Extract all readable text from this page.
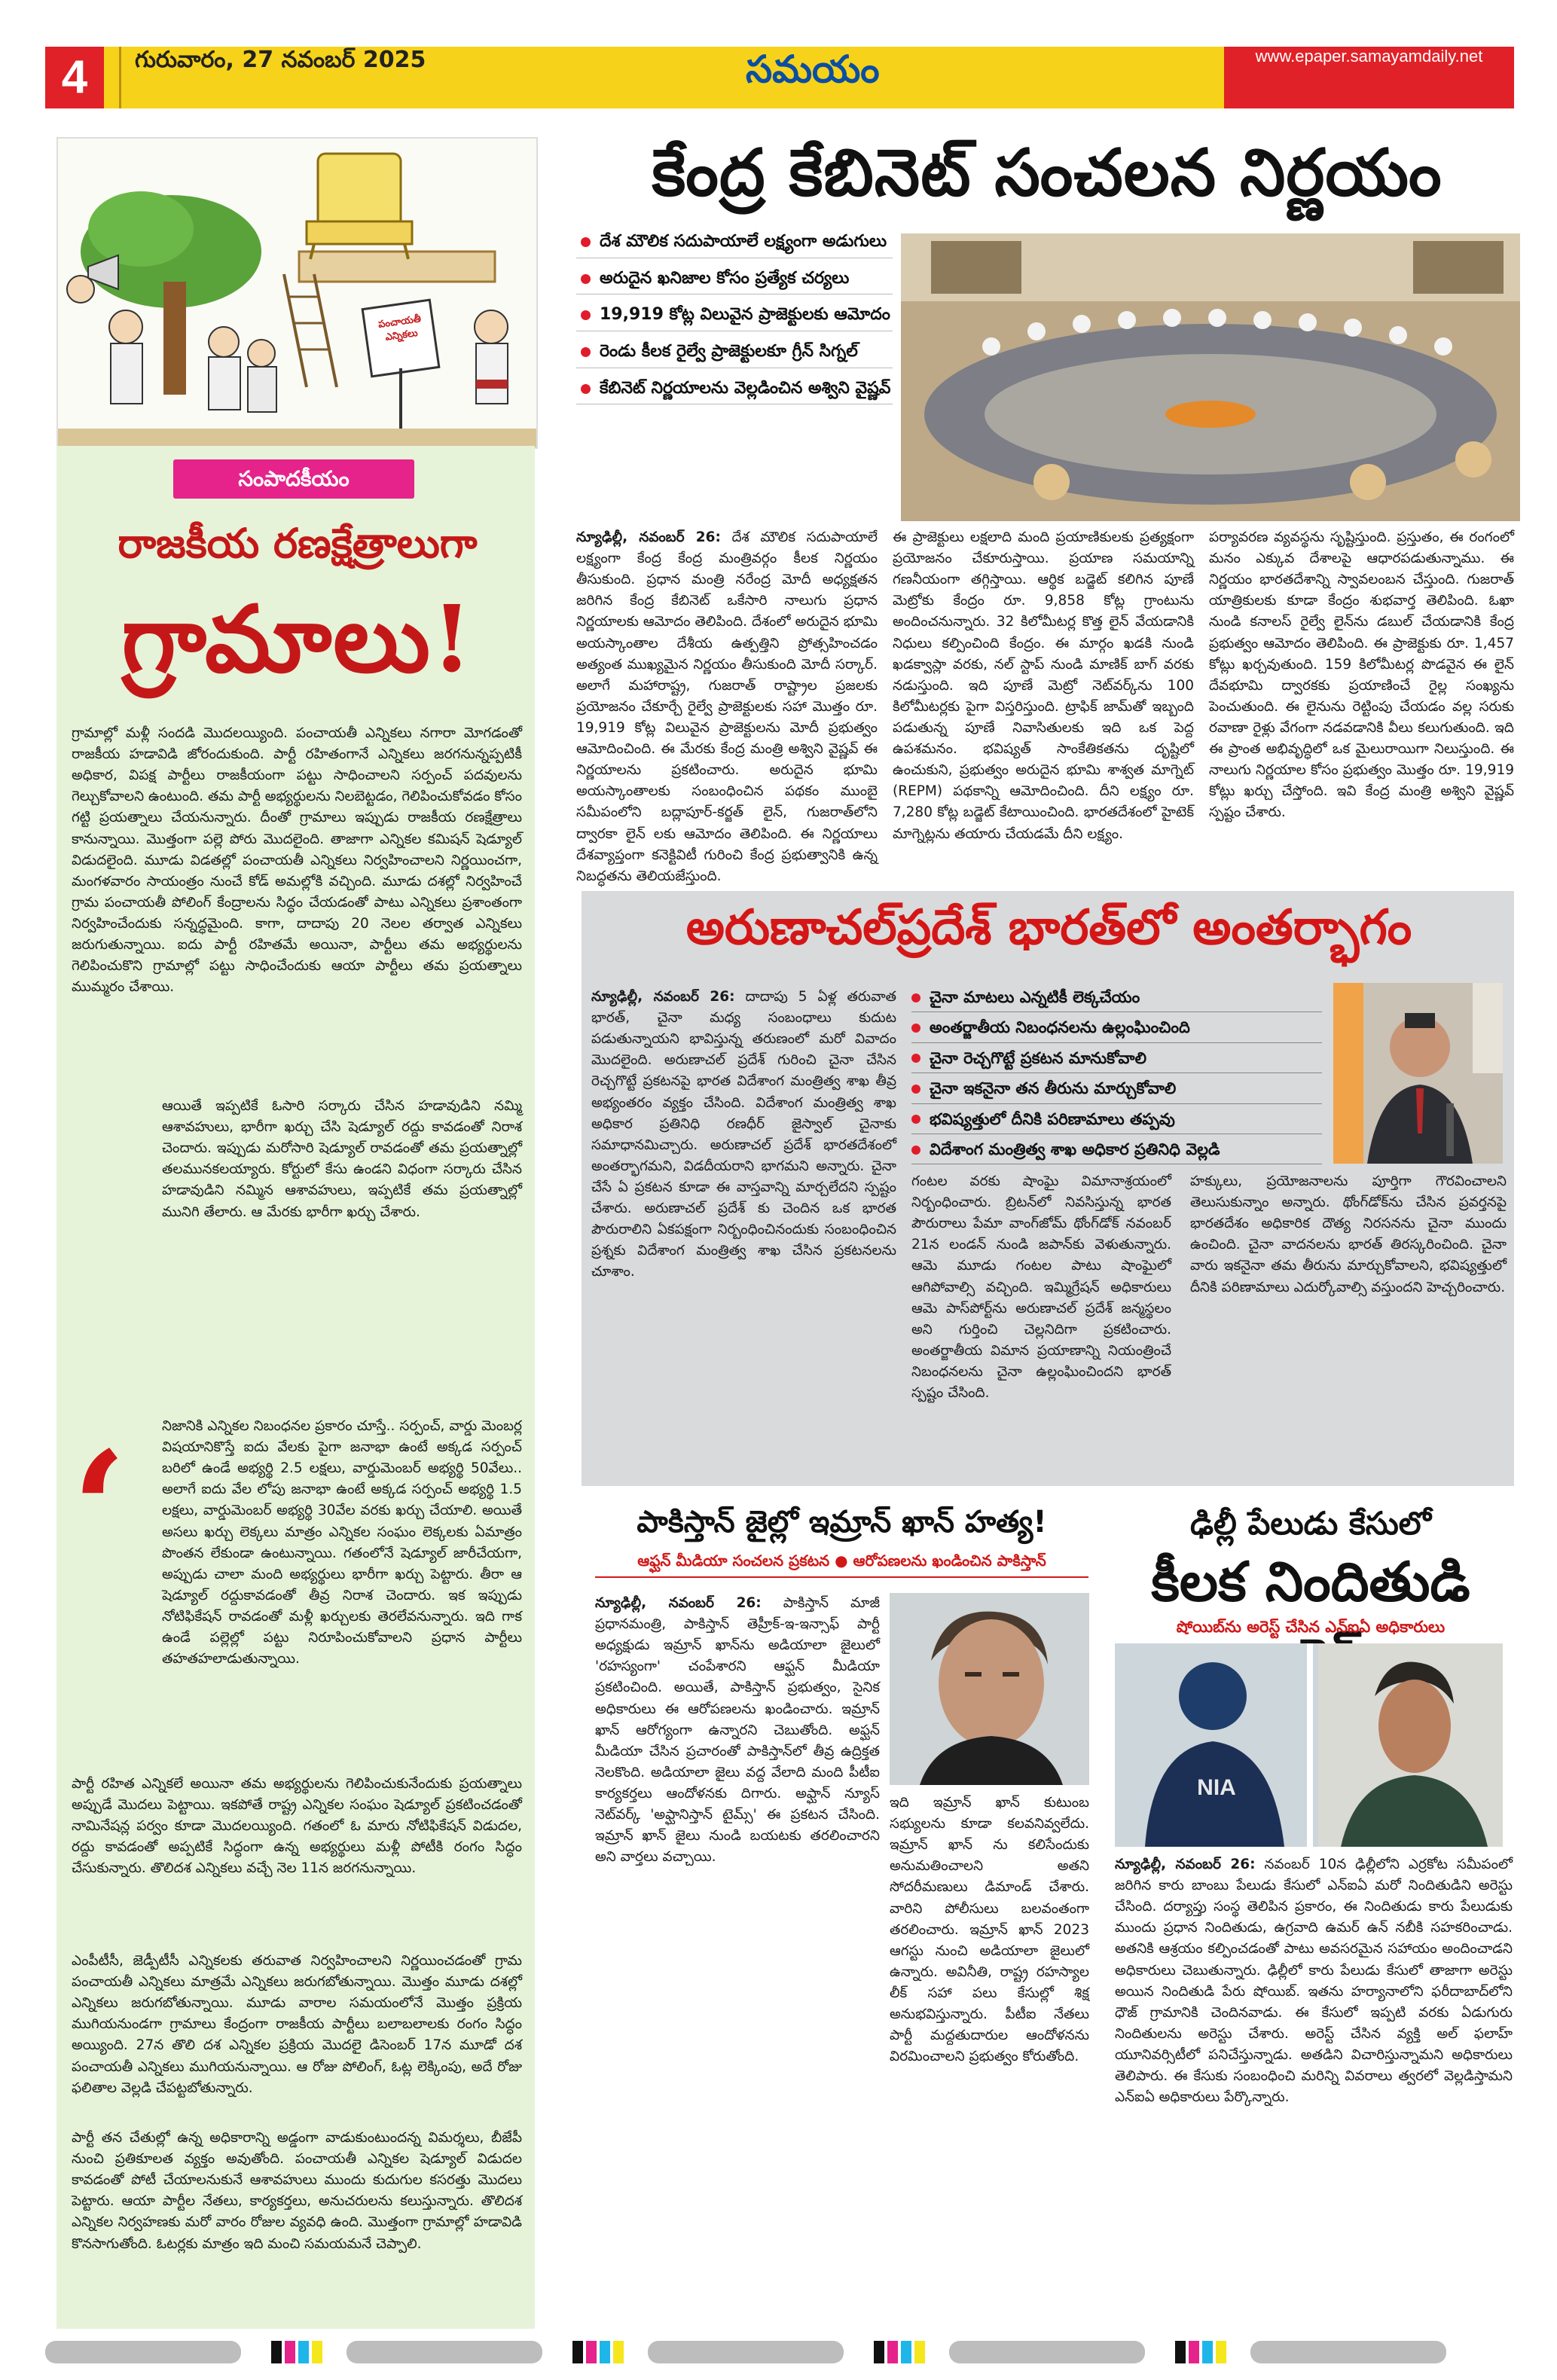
4	గురువారం, 27 నవంబర్ 2025	సమయం	www.epaper.samayamdaily.net
పంచాయతీ ఎన్నికలు
సంపాదకీయం
రాజకీయ రణక్షేత్రాలుగా
గ్రామాలు!
గ్రామాల్లో మళ్లీ సందడి మొదలయ్యింది. పంచాయతీ ఎన్నికలు నగారా మోగడంతో రాజకీయ హడావిడి జోరందుకుంది. పార్టీ రహితంగానే ఎన్నికలు జరగనున్నప్పటికీ అధికార, విపక్ష పార్టీలు రాజకీయంగా పట్టు సాధించాలని సర్పంచ్ పదవులను గెల్చుకోవాలని ఉంటుంది. తమ పార్టీ అభ్యర్థులను నిలబెట్టడం, గెలిపించుకోవడం కోసం గట్టి ప్రయత్నాలు చేయనున్నారు. దీంతో గ్రామాలు ఇప్పుడు రాజకీయ రణక్షేత్రాలు కానున్నాయి. మొత్తంగా పల్లె పోరు మొదలైంది. తాజాగా ఎన్నికల కమిషన్ షెడ్యూల్ విడుదలైంది. మూడు విడతల్లో పంచాయతీ ఎన్నికలు నిర్వహించాలని నిర్ణయించగా, మంగళవారం సాయంత్రం నుంచే కోడ్ అమల్లోకి వచ్చింది. మూడు దశల్లో నిర్వహించే గ్రామ పంచాయతీ పోలింగ్ కేంద్రాలను సిద్ధం చేయడంతో పాటు ఎన్నికలు ప్రశాంతంగా నిర్వహించేందుకు సన్నద్ధమైంది. కాగా, దాదాపు 20 నెలల తర్వాత ఎన్నికలు జరుగుతున్నాయి. ఐదు పార్టీ రహితమే అయినా, పార్టీలు తమ అభ్యర్థులను గెలిపించుకొని గ్రామాల్లో పట్టు సాధించేందుకు ఆయా పార్టీలు తమ ప్రయత్నాలు ముమ్మరం చేశాయి.
ఆయితే ఇప్పటికే ఓసారి సర్కారు చేసిన హడావుడిని నమ్మి ఆశావహులు, భారీగా ఖర్చు చేసి షెడ్యూల్ రద్దు కావడంతో నిరాశ చెందారు. ఇప్పుడు మరోసారి షెడ్యూల్ రావడంతో తమ ప్రయత్నాల్లో తలమునకలయ్యారు. కోర్టులో కేసు ఉండని విధంగా సర్కారు చేసిన హడావుడిని నమ్మిన ఆశావహులు, ఇప్పటికే తమ ప్రయత్నాల్లో మునిగి తేలారు. ఆ మేరకు భారీగా ఖర్చు చేశారు.
నిజానికి ఎన్నికల నిబంధనల ప్రకారం చూస్తే.. సర్పంచ్, వార్డు మెంబర్ల విషయానికొస్తే ఐదు వేలకు పైగా జనాభా ఉంటే అక్కడ సర్పంచ్ బరిలో ఉండే అభ్యర్థి 2.5 లక్షలు, వార్డుమెంబర్ అభ్యర్థి 50వేలు.. అలాగే ఐదు వేల లోపు జనాభా ఉంటే అక్కడ సర్పంచ్ అభ్యర్థి 1.5 లక్షలు, వార్డుమెంబర్ అభ్యర్థి 30వేల వరకు ఖర్చు చేయాలి. అయితే అసలు ఖర్చు లెక్కలు మాత్రం ఎన్నికల సంఘం లెక్కలకు ఏమాత్రం పొంతన లేకుండా ఉంటున్నాయి. గతంలోనే షెడ్యూల్ జారీచేయగా, అప్పుడు చాలా మంది అభ్యర్థులు భారీగా ఖర్చు పెట్టారు. తీరా ఆ షెడ్యూల్ రద్దుకావడంతో తీవ్ర నిరాశ చెందారు. ఇక ఇప్పుడు నోటిఫికేషన్ రావడంతో మళ్లీ ఖర్చులకు తెరలేవనున్నారు. ఇది గాక ఉండే పల్లెల్లో పట్టు నిరూపించుకోవాలని ప్రధాన పార్టీలు తహతహలాడుతున్నాయి.
‘
పార్టీ రహిత ఎన్నికలే అయినా తమ అభ్యర్థులను గెలిపించుకునేందుకు ప్రయత్నాలు అప్పుడే మొదలు పెట్టాయి. ఇకపోతే రాష్ట్ర ఎన్నికల సంఘం షెడ్యూల్ ప్రకటించడంతో నామినేషన్ల పర్వం కూడా మొదలయ్యింది. గతంలో ఓ మారు నోటిఫికేషన్ విడుదల, రద్దు కావడంతో అప్పటికే సిద్ధంగా ఉన్న అభ్యర్థులు మళ్లీ పోటీకి రంగం సిద్ధం చేసుకున్నారు. తొలిదశ ఎన్నికలు వచ్చే నెల 11న జరగనున్నాయి.
ఎంపీటీసీ, జెడ్పీటీసీ ఎన్నికలకు తరువాత నిర్వహించాలని నిర్ణయించడంతో గ్రామ పంచాయతీ ఎన్నికలు మాత్రమే ఎన్నికలు జరుగబోతున్నాయి. మొత్తం మూడు దశల్లో ఎన్నికలు జరుగబోతున్నాయి. మూడు వారాల సమయంలోనే మొత్తం ప్రక్రియ ముగియనుండగా గ్రామాలు కేంద్రంగా రాజకీయ పార్టీలు బలాబలాలకు రంగం సిద్ధం అయ్యింది. 27న తొలి దశ ఎన్నికల ప్రక్రియ మొదలై డిసెంబర్ 17న మూడో దశ పంచాయతీ ఎన్నికలు ముగియనున్నాయి. ఆ రోజు పోలింగ్, ఓట్ల లెక్కింపు, అదే రోజు ఫలితాల వెల్లడి చేపట్టబోతున్నారు.
పార్టీ తన చేతుల్లో ఉన్న అధికారాన్ని అడ్డంగా వాడుకుంటుందన్న విమర్శలు, బీజేపీ నుంచి ప్రతికూలత వ్యక్తం అవుతోంది. పంచాయతీ ఎన్నికల షెడ్యూల్ విడుదల కావడంతో పోటీ చేయాలనుకునే ఆశావహులు ముందు కుదుగుల కసరత్తు మొదలు పెట్టారు. ఆయా పార్టీల నేతలు, కార్యకర్తలు, అనుచరులను కలుస్తున్నారు. తొలిదశ ఎన్నికల నిర్వహణకు మరో వారం రోజుల వ్యవధి ఉంది. మొత్తంగా గ్రామాల్లో హడావిడి కొనసాగుతోంది. ఓటర్లకు మాత్రం ఇది మంచి సమయమనే చెప్పాలి.
కేంద్ర కేబినెట్ సంచలన నిర్ణయం
దేశ మౌలిక సదుపాయాలే లక్ష్యంగా అడుగులు
అరుదైన ఖనిజాల కోసం ప్రత్యేక చర్యలు
19,919 కోట్ల విలువైన ప్రాజెక్టులకు ఆమోదం
రెండు కీలక రైల్వే ప్రాజెక్టులకూ గ్రీన్ సిగ్నల్
కేబినెట్ నిర్ణయాలను వెల్లడించిన అశ్విని వైష్ణవ్
న్యూఢిల్లీ, నవంబర్ 26: దేశ మౌలిక సదుపాయాలే లక్ష్యంగా కేంద్ర కేంద్ర మంత్రివర్గం కీలక నిర్ణయం తీసుకుంది. ప్రధాన మంత్రి నరేంద్ర మోదీ అధ్యక్షతన జరిగిన కేంద్ర కేబినెట్ ఒకేసారి నాలుగు ప్రధాన నిర్ణయాలకు ఆమోదం తెలిపింది. దేశంలో అరుదైన భూమి అయస్కాంతాల దేశీయ ఉత్పత్తిని ప్రోత్సహించడం అత్యంత ముఖ్యమైన నిర్ణయం తీసుకుంది మోదీ సర్కార్. అలాగే మహారాష్ట్ర, గుజరాత్ రాష్ట్రాల ప్రజలకు ప్రయోజనం చేకూర్చే రైల్వే ప్రాజెక్టులకు సహా మొత్తం రూ. 19,919 కోట్ల విలువైన ప్రాజెక్టులను మోదీ ప్రభుత్వం ఆమోదించింది. ఈ మేరకు కేంద్ర మంత్రి అశ్విని వైష్ణవ్ ఈ నిర్ణయాలను ప్రకటించారు. అరుదైన భూమి అయస్కాంతాలకు సంబంధించిన పథకం ముంబై సమీపంలోని బద్లాపూర్-కర్జత్ లైన్, గుజరాత్‌లోని ద్వారకా లైన్ లకు ఆమోదం తెలిపింది. ఈ నిర్ణయాలు దేశవ్యాప్తంగా కనెక్టివిటీ గురించి కేంద్ర ప్రభుత్వానికి ఉన్న నిబద్ధతను తెలియజేస్తుంది.
ఈ ప్రాజెక్టులు లక్షలాది మంది ప్రయాణికులకు ప్రత్యక్షంగా ప్రయోజనం చేకూరుస్తాయి. ప్రయాణ సమయాన్ని గణనీయంగా తగ్గిస్తాయి. ఆర్థిక బడ్జెట్ కలిగిన పూణే మెట్రోకు కేంద్రం రూ. 9,858 కోట్ల గ్రాంటును అందించనున్నారు. 32 కిలోమీటర్ల కొత్త లైన్ వేయడానికి నిధులు కల్పించింది కేంద్రం. ఈ మార్గం ఖడకి నుండి ఖడక్వాస్లా వరకు, నల్ స్టాప్ నుండి మాణిక్ బాగ్ వరకు నడుస్తుంది. ఇది పూణే మెట్రో నెట్‌వర్క్‌ను 100 కిలోమీటర్లకు పైగా విస్తరిస్తుంది. ట్రాఫిక్ జామ్‌తో ఇబ్బంది పడుతున్న పూణే నివాసితులకు ఇది ఒక పెద్ద ఉపశమనం. భవిష్యత్ సాంకేతికతను దృష్టిలో ఉంచుకుని, ప్రభుత్వం అరుదైన భూమి శాశ్వత మాగ్నెట్ (REPM) పథకాన్ని ఆమోదించింది. దీని లక్ష్యం రూ. 7,280 కోట్ల బడ్జెట్ కేటాయించింది. భారతదేశంలో హైటెక్ మాగ్నెట్లను తయారు చేయడమే దీని లక్ష్యం.
పర్యావరణ వ్యవస్థను సృష్టిస్తుంది. ప్రస్తుతం, ఈ రంగంలో మనం ఎక్కువ దేశాలపై ఆధారపడుతున్నాము. ఈ నిర్ణయం భారతదేశాన్ని స్వావలంబన చేస్తుంది. గుజరాత్ యాత్రికులకు కూడా కేంద్రం శుభవార్త తెలిపింది. ఓఖా నుండి కనాలస్ రైల్వే లైన్‌ను డబుల్ చేయడానికి కేంద్ర ప్రభుత్వం ఆమోదం తెలిపింది. ఈ ప్రాజెక్టుకు రూ. 1,457 కోట్లు ఖర్చవుతుంది. 159 కిలోమీటర్ల పొడవైన ఈ లైన్ దేవభూమి ద్వారకకు ప్రయాణించే రైల్ల సంఖ్యను పెంచుతుంది. ఈ లైనును రెట్టింపు చేయడం వల్ల సరుకు రవాణా రైళ్లు వేగంగా నడవడానికి వీలు కలుగుతుంది. ఇది ఈ ప్రాంత అభివృద్ధిలో ఒక మైలురాయిగా నిలుస్తుంది. ఈ నాలుగు నిర్ణయాల కోసం ప్రభుత్వం మొత్తం రూ. 19,919 కోట్లు ఖర్చు చేస్తోంది. ఇవి కేంద్ర మంత్రి అశ్విని వైష్ణవ్ స్పష్టం చేశారు.
అరుణాచల్‌ప్రదేశ్ భారత్‌లో అంతర్భాగం
న్యూఢిల్లీ, నవంబర్ 26: దాదాపు 5 ఏళ్ల తరువాత భారత్, చైనా మధ్య సంబంధాలు కుదుట పడుతున్నాయని భావిస్తున్న తరుణంలో మరో వివాదం మొదలైంది. అరుణాచల్ ప్రదేశ్ గురించి చైనా చేసిన రెచ్చగొట్టే ప్రకటనపై భారత విదేశాంగ మంత్రిత్వ శాఖ తీవ్ర అభ్యంతరం వ్యక్తం చేసింది. విదేశాంగ మంత్రిత్వ శాఖ అధికార ప్రతినిధి రణధీర్ జైస్వాల్ చైనాకు సమాధానమిచ్చారు. అరుణాచల్ ప్రదేశ్ భారతదేశంలో అంతర్భాగమని, విడదీయరాని భాగమని అన్నారు. చైనా చేసే ఏ ప్రకటన కూడా ఈ వాస్తవాన్ని మార్చలేదని స్పష్టం చేశారు. అరుణాచల్ ప్రదేశ్ కు చెందిన ఒక భారత పౌరురాలిని ఏకపక్షంగా నిర్బంధించినందుకు సంబంధించిన ప్రశ్నకు విదేశాంగ మంత్రిత్వ శాఖ చేసిన ప్రకటనలను చూశాం.
చైనా మాటలు ఎన్నటికీ లెక్కచేయం
అంతర్జాతీయ నిబంధనలను ఉల్లంఘించింది
చైనా రెచ్చగొట్టే ప్రకటన మానుకోవాలి
చైనా ఇకనైనా తన తీరును మార్చుకోవాలి
భవిష్యత్తులో దీనికి పరిణామాలు తప్పవు
విదేశాంగ మంత్రిత్వ శాఖ అధికార ప్రతినిధి వెల్లడి
గంటల వరకు షాంఘై విమానాశ్రయంలో నిర్బంధించారు. బ్రిటన్‌లో నివసిస్తున్న భారత పౌరురాలు పేమా వాంగ్‌జోమ్ థోంగ్‌డోక్ నవంబర్ 21న లండన్ నుండి జపాన్‌కు వెళుతున్నారు. ఆమె మూడు గంటల పాటు షాంఘైలో ఆగిపోవాల్సి వచ్చింది. ఇమ్మిగ్రేషన్ అధికారులు ఆమె పాస్‌పోర్ట్‌ను అరుణాచల్ ప్రదేశ్ జన్మస్థలం అని గుర్తించి చెల్లనిదిగా ప్రకటించారు. అంతర్జాతీయ విమాన ప్రయాణాన్ని నియంత్రించే నిబంధనలను చైనా ఉల్లంఘించిందని భారత్ స్పష్టం చేసింది.
హక్కులు, ప్రయోజనాలను పూర్తిగా గౌరవించాలని తెలుసుకున్నాం అన్నారు. థోంగ్‌డోక్‌ను చేసిన ప్రవర్తనపై భారతదేశం అధికారిక దౌత్య నిరసనను చైనా ముందు ఉంచింది. చైనా వాదనలను భారత్ తిరస్కరించింది. చైనా వారు ఇకనైనా తమ తీరును మార్చుకోవాలని, భవిష్యత్తులో దీనికి పరిణామాలు ఎదుర్కోవాల్సి వస్తుందని హెచ్చరించారు.
పాకిస్తాన్ జైల్లో ఇమ్రాన్ ఖాన్ హత్య!
ఆఫ్ఘన్ మీడియా సంచలన ప్రకటన ● ఆరోపణలను ఖండించిన పాకిస్తాన్
న్యూఢిల్లీ, నవంబర్ 26: పాకిస్తాన్ మాజీ ప్రధానమంత్రి, పాకిస్తాన్ తెహ్రీక్-ఇ-ఇన్సాఫ్ పార్టీ అధ్యక్షుడు ఇమ్రాన్ ఖాన్‌ను అడియాలా జైలులో 'రహస్యంగా' చంపేశారని ఆఫ్ఘన్ మీడియా ప్రకటించింది. అయితే, పాకిస్తాన్ ప్రభుత్వం, సైనిక అధికారులు ఈ ఆరోపణలను ఖండించారు. ఇమ్రాన్ ఖాన్ ఆరోగ్యంగా ఉన్నారని చెబుతోంది. అఫ్ఘన్ మీడియా చేసిన ప్రచారంతో పాకిస్తాన్‌లో తీవ్ర ఉద్రిక్తత నెలకొంది. అడియాలా జైలు వద్ద వేలాది మంది పీటీఐ కార్యకర్తలు ఆందోళనకు దిగారు. అఫ్ఘాన్ న్యూస్ నెట్‌వర్క్ 'అఫ్ఘానిస్తాన్ టైమ్స్' ఈ ప్రకటన చేసింది. ఇమ్రాన్ ఖాన్ జైలు నుండి బయటకు తరలించారని అని వార్తలు వచ్చాయి.
ఇది ఇమ్రాన్ ఖాన్ కుటుంబ సభ్యులను కూడా కలవనివ్వలేదు. ఇమ్రాన్ ఖాన్ ను కలిసేందుకు అనుమతించాలని అతని సోదరీమణులు డిమాండ్ చేశారు. వారిని పోలీసులు బలవంతంగా తరలించారు. ఇమ్రాన్ ఖాన్ 2023 ఆగస్టు నుంచి అడియాలా జైలులో ఉన్నారు. అవినీతి, రాష్ట్ర రహస్యాల లీక్ సహా పలు కేసుల్లో శిక్ష అనుభవిస్తున్నారు. పీటీఐ నేతలు పార్టీ మద్దతుదారుల ఆందోళనను విరమించాలని ప్రభుత్వం కోరుతోంది.
ఢిల్లీ పేలుడు కేసులో
కీలక నిందితుడి
షోయిబ్‌ను అరెస్ట్ చేసిన ఎన్ఐఏ అధికారులు
NIA
న్యూఢిల్లీ, నవంబర్ 26: నవంబర్ 10న ఢిల్లీలోని ఎర్రకోట సమీపంలో జరిగిన కారు బాంబు పేలుడు కేసులో ఎన్ఐఏ మరో నిందితుడిని అరెస్టు చేసింది. దర్యాప్తు సంస్థ తెలిపిన ప్రకారం, ఈ నిందితుడు కారు పేలుడుకు ముందు ప్రధాన నిందితుడు, ఉగ్రవాది ఉమర్ ఉన్ నబీకి సహకరించాడు. అతనికి ఆశ్రయం కల్పించడంతో పాటు అవసరమైన సహాయం అందించాడని అధికారులు చెబుతున్నారు. ఢిల్లీలో కారు పేలుడు కేసులో తాజాగా అరెస్టు అయిన నిందితుడి పేరు షోయిబ్. ఇతను హర్యానాలోని ఫరీదాబాద్‌లోని ధౌజ్ గ్రామానికి చెందినవాడు. ఈ కేసులో ఇప్పటి వరకు ఏడుగురు నిందితులను అరెస్టు చేశారు. అరెస్ట్ చేసిన వ్యక్తి అల్ ఫలాహ్ యూనివర్సిటీలో పనిచేస్తున్నాడు. అతడిని విచారిస్తున్నామని అధికారులు తెలిపారు. ఈ కేసుకు సంబంధించి మరిన్ని వివరాలు త్వరలో వెల్లడిస్తామని ఎన్ఐఏ అధికారులు పేర్కొన్నారు.
